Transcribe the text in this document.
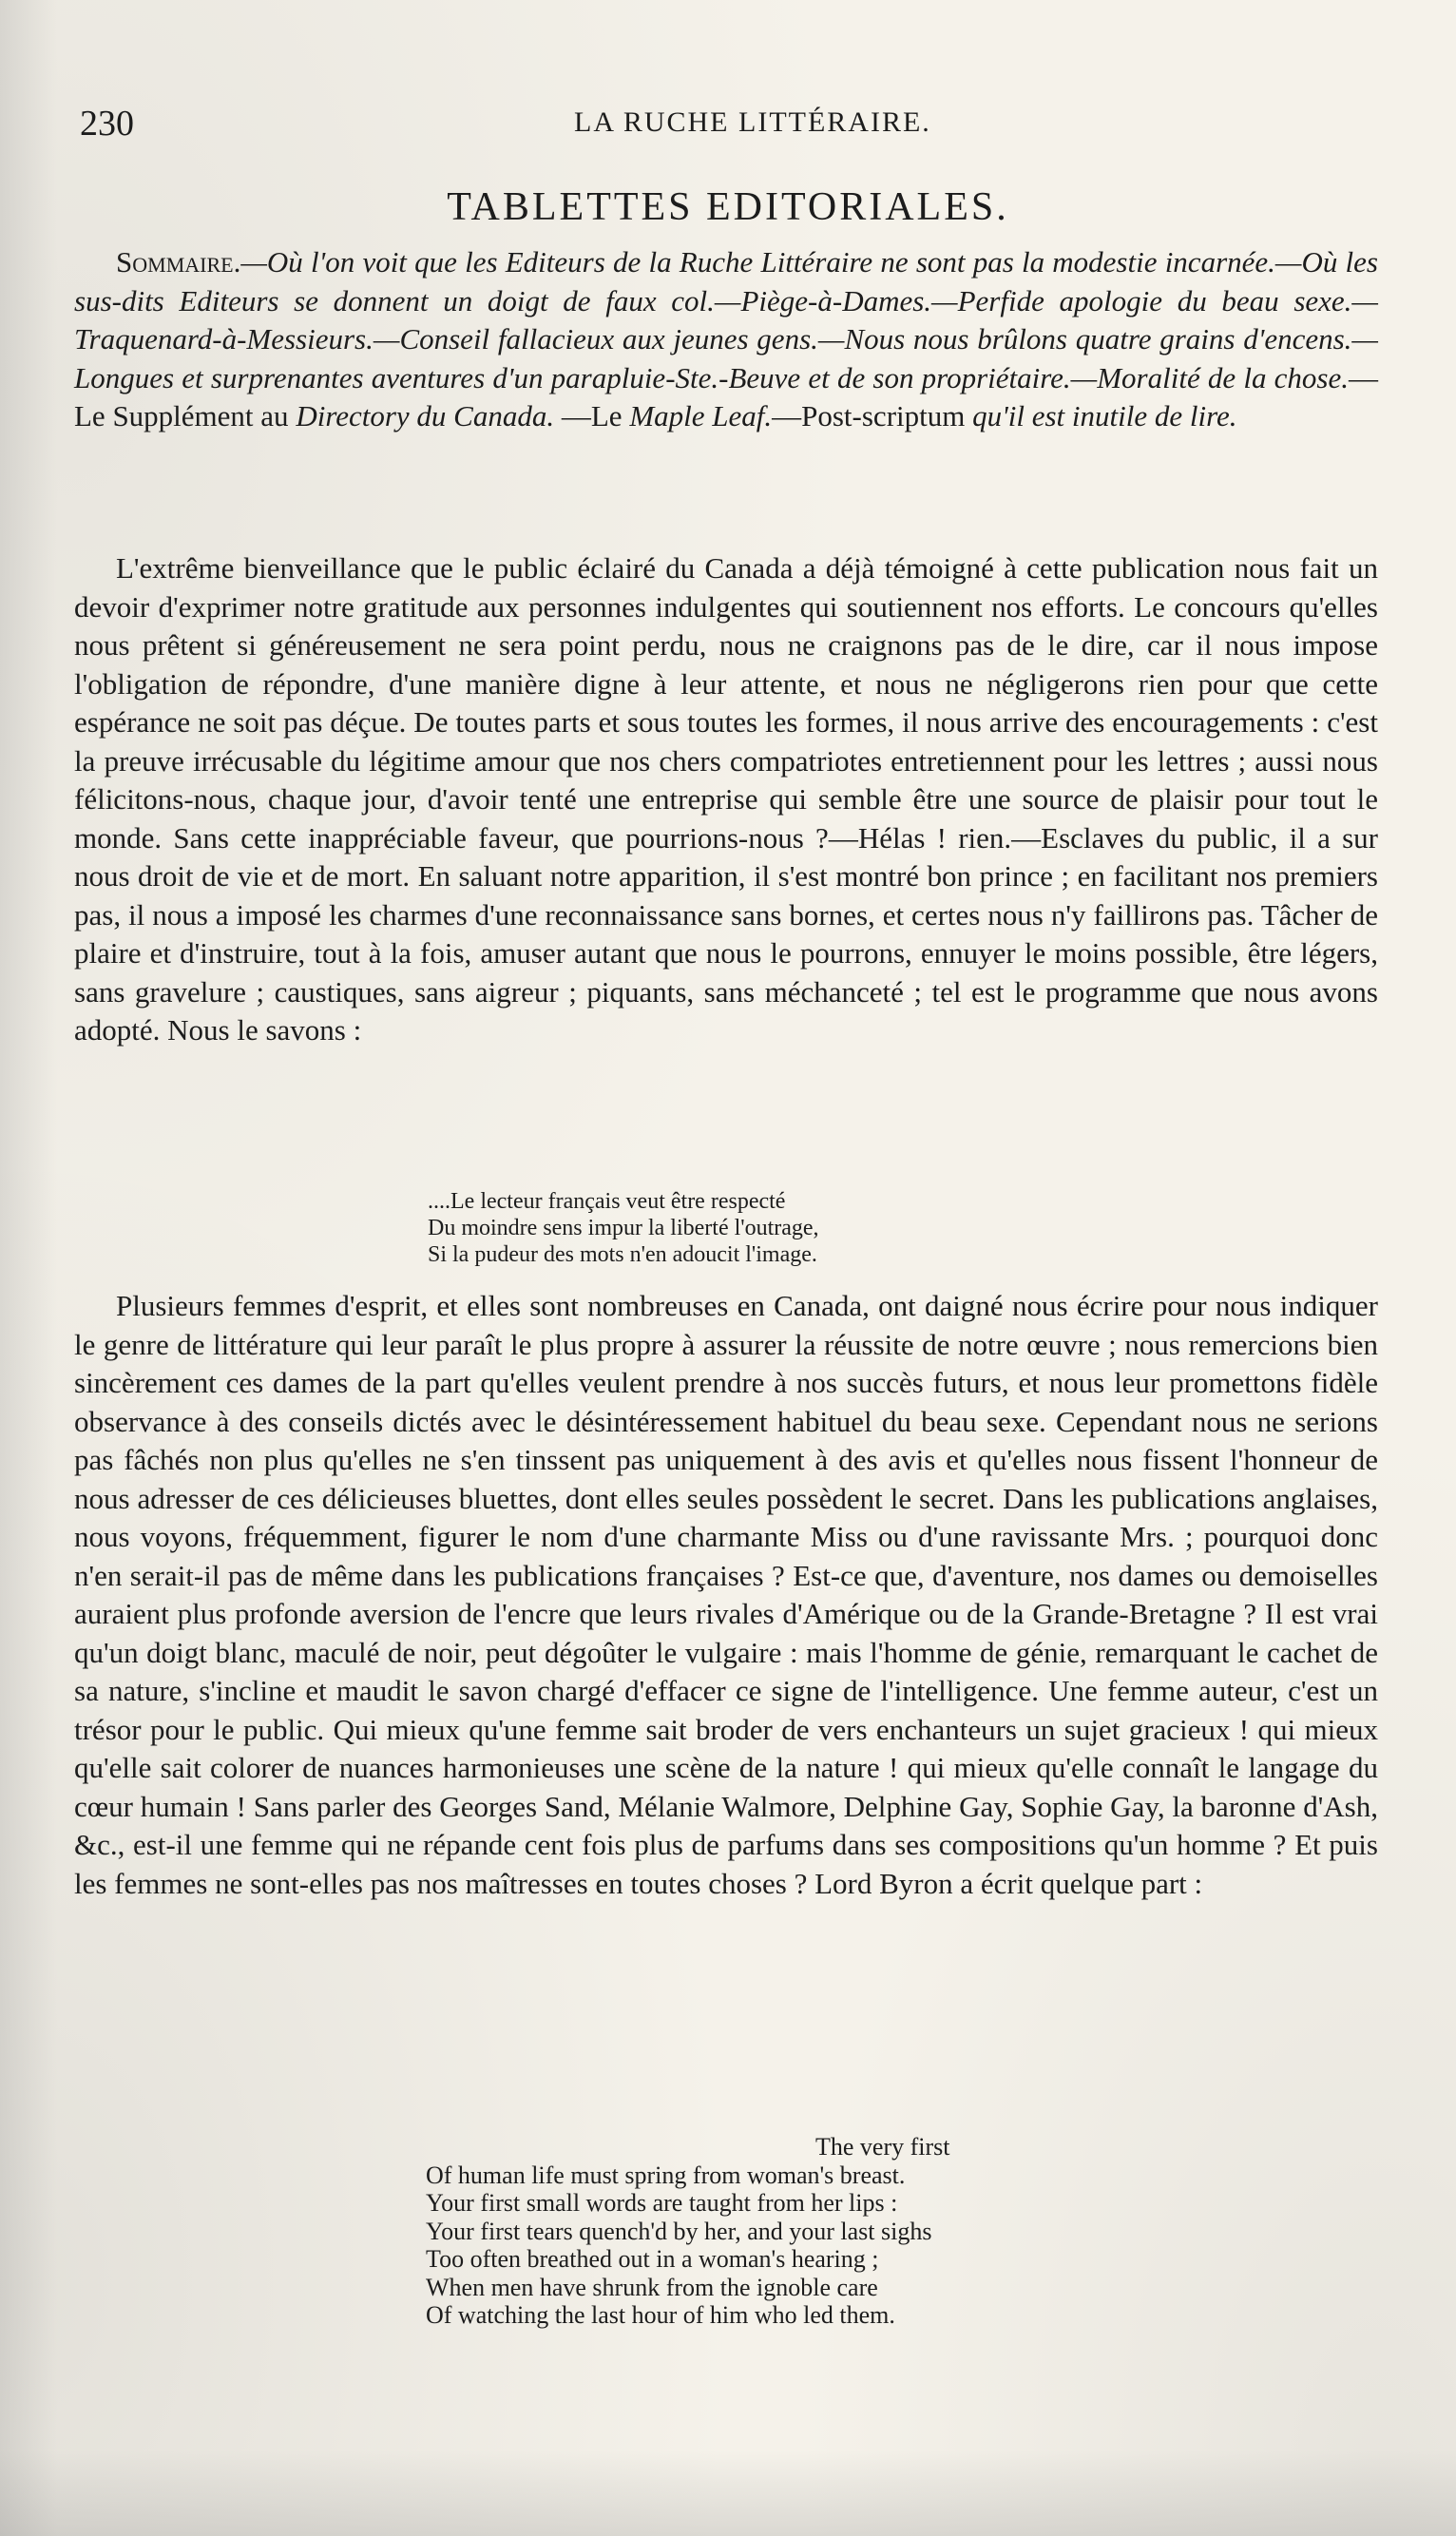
230	LA RUCHE LITTÉRAIRE.
TABLETTES EDITORIALES.
Sommaire.—Où l'on voit que les Editeurs de la Ruche Littéraire ne sont pas la modestie incarnée.—Où les sus-dits Editeurs se donnent un doigt de faux col.—Piège-à-Dames.—Perfide apologie du beau sexe.—Traquenard-à-Messieurs.—Conseil fallacieux aux jeunes gens.—Nous nous brûlons quatre grains d'encens.—Longues et surprenantes aventures d'un parapluie-Ste.-Beuve et de son propriétaire.—Moralité de la chose.—Le Supplément au Directory du Canada. —Le Maple Leaf.—Post-scriptum qu'il est inutile de lire.

L'extrême bienveillance que le public éclairé du Canada a déjà témoigné à cette publication nous fait un devoir d'exprimer notre gratitude aux personnes indulgentes qui soutiennent nos efforts. Le concours qu'elles nous prêtent si généreusement ne sera point perdu, nous ne craignons pas de le dire, car il nous impose l'obligation de répondre, d'une manière digne à leur attente, et nous ne négligerons rien pour que cette espérance ne soit pas déçue. De toutes parts et sous toutes les formes, il nous arrive des encouragements : c'est la preuve irrécusable du légitime amour que nos chers compatriotes entretiennent pour les lettres ; aussi nous félicitons-nous, chaque jour, d'avoir tenté une entreprise qui semble être une source de plaisir pour tout le monde. Sans cette inappréciable faveur, que pourrions-nous ?—Hélas ! rien.—Esclaves du public, il a sur nous droit de vie et de mort. En saluant notre apparition, il s'est montré bon prince ; en facilitant nos premiers pas, il nous a imposé les charmes d'une reconnaissance sans bornes, et certes nous n'y faillirons pas. Tâcher de plaire et d'instruire, tout à la fois, amuser autant que nous le pourrons, ennuyer le moins possible, être légers, sans gravelure ; caustiques, sans aigreur ; piquants, sans méchanceté ; tel est le programme que nous avons adopté. Nous le savons :

....Le lecteur français veut être respecté
Du moindre sens impur la liberté l'outrage,
Si la pudeur des mots n'en adoucit l'image.

Plusieurs femmes d'esprit, et elles sont nombreuses en Canada, ont daigné nous écrire pour nous indiquer le genre de littérature qui leur paraît le plus propre à assurer la réussite de notre œuvre ; nous remercions bien sincèrement ces dames de la part qu'elles veulent prendre à nos succès futurs, et nous leur promettons fidèle observance à des conseils dictés avec le désintéressement habituel du beau sexe. Cependant nous ne serions pas fâchés non plus qu'elles ne s'en tinssent pas uniquement à des avis et qu'elles nous fissent l'honneur de nous adresser de ces délicieuses bluettes, dont elles seules possèdent le secret. Dans les publications anglaises, nous voyons, fréquemment, figurer le nom d'une charmante Miss ou d'une ravissante Mrs. ; pourquoi donc n'en serait-il pas de même dans les publications françaises ? Est-ce que, d'aventure, nos dames ou demoiselles auraient plus profonde aversion de l'encre que leurs rivales d'Amérique ou de la Grande-Bretagne ? Il est vrai qu'un doigt blanc, maculé de noir, peut dégoûter le vulgaire : mais l'homme de génie, remarquant le cachet de sa nature, s'incline et maudit le savon chargé d'effacer ce signe de l'intelligence. Une femme auteur, c'est un trésor pour le public. Qui mieux qu'une femme sait broder de vers enchanteurs un sujet gracieux ! qui mieux qu'elle sait colorer de nuances harmonieuses une scène de la nature ! qui mieux qu'elle connaît le langage du cœur humain ! Sans parler des Georges Sand, Mélanie Walmore, Delphine Gay, Sophie Gay, la baronne d'Ash, &c., est-il une femme qui ne répande cent fois plus de parfums dans ses compositions qu'un homme ? Et puis les femmes ne sont-elles pas nos maîtresses en toutes choses ? Lord Byron a écrit quelque part :

The very first
Of human life must spring from woman's breast.
Your first small words are taught from her lips :
Your first tears quench'd by her, and your last sighs
Too often breathed out in a woman's hearing ;
When men have shrunk from the ignoble care
Of watching the last hour of him who led them.
